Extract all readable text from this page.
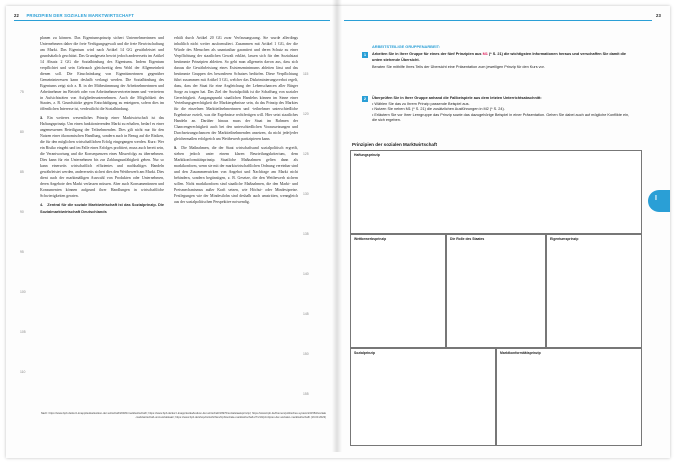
22 PRINZIPIEN DER SOZIALEN MARKTWIRTSCHAFT	23

planen zu können. Das Eigentumsprinzip sichert Unternehmerinnen und Unternehmern daher die freie Verfügungsgewalt und die freie Bewirtschaftung am Markt. Das Eigentum wird nach Artikel 14 GG gewährleistet und grundsätzlich geschützt. Das Grundgesetz bewirt jedoch andererseits im Artikel 14 Absatz 2 GG die Sozialbindung des Eigentums. Indem Eigentum verpflichtet und sein Gebrauch gleichzeitig dem Wohl der Allgemeinheit dienen soll. Die Einschränkung von Eigentümerinnen gegenüber Gemeininteressen kann deshalb verlangt werden. Die Sozialbindung des Eigentums zeigt sich z. B. in der Mitbestimmung der Arbeitnehmerinnen und Arbeitnehmer im Betrieb oder von Arbeitnehmervertreterinnen und -vertretern in Aufsichtsräten von Aufgliederunternehmen. Auch die Möglichkeit des Staates, z. B. Grundstücke gegen Entschädigung zu enteignen, sofern dies im öffentlichen Interesse ist, verdeutlicht die Sozialbindung.

3. Ein weiteres wesentliches Prinzip einer Marktwirtschaft ist das Haftungsprinzip. Um einen funktionierenden Markt zu erhalten, bedarf es einer angemessenen Beteiligung der Teilnehmenden. Dies gilt nicht nur für den Nutzen einer ökonomischen Handlung, sondern auch in Bezug auf die Risiken, die für den möglichen wirtschaftlichen Erfolg eingegangen werden. Kurz: Wer ein Risiko eingeht und im Falle eines Erfolges profitiert, muss auch bereit sein, die Verantwortung und die Konsequenzen eines Misserfolgs zu übernehmen. Dies kann für ein Unternehmen bis zur Zahlungsunfähigkeit gehen. Nur so kann einerseits wirtschaftlich effizientes und nachhaltiges Handeln gewährleistet werden, andererseits sichert dies den Wettbewerb am Markt. Dies dient auch der marktmäßigen Auswahl von Produkten oder Unternehmen, deren Angebote den Markt verlassen müssen. Aber auch Konsumentinnen und Konsumenten können aufgrund ihrer Handlungen in wirtschaftliche Schwierigkeiten geraten.

4. Zentral für die soziale Marktwirtschaft ist das Sozialprinzip. Die Sozialmarktwirtschaft Deutschlands

erhält durch Artikel 20 GG zwar Verfassungsrang. Sie wurde allerdings inhaltlich nicht weiter ausformuliert. Zusammen mit Artikel 1 GG, der die Würde des Menschen als unantastbar garantiert und deren Schutz zu einer Verpflichtung der staatlichen Gewalt erklärt, lassen sich für den Sozialstaat bestimmte Prinzipien ableiten. So geht man allgemein davon aus, dass sich daraus die Gewährleistung eines Existenzminimums ableiten lässt und das bestimmte Gruppen des besonderen Schutzes bedürfen. Diese Verpflichtung führt zusammen mit Artikel 3 GG, welcher das Diskriminierungsverbot regelt, dazu, dass der Staat für eine Angleichung der Lebenschancen aller Bürger Sorge zu tragen hat. Das Ziel der Sozialpolitik ist die Schaffung von sozialer Gerechtigkeit. Ausgangspunkt staatlichen Handelns können im Sinne einer Verteilungsgerechtigkeit die Marktergebnisse sein, da das Prinzip des Marktes für die einzelnen Marktteilnehmerinnen und -teilnehmer unterschiedliche Ergebnisse erzielt, was die Ergebnisse rechtfertigen will. Hier setzt staatliches Handeln an. Darüber hinaus muss der Staat im Rahmen der Chancengerechtigkeit auch bei den unterschiedlichen Voraussetzungen und Durchsetzungschancen der Marktteilnehmenden ansetzen, da nicht jede/jeder gleichermaßen erfolgreich am Wettbewerb partizipieren kann.

5. Die Maßnahmen, die der Staat wirtschaftsund sozialpolitisch ergreift, stehen jedoch unter einem klaren Beurteilungskriterium, dem Marktkonformitätsprinzip. Staatliche Maßnahmen gelten dann als marktkonform, wenn sie mit der marktwirtschaftlichen Ordnung vereinbar sind und den Zusammenwirken von Angebot und Nachfrage am Markt nicht behindern, sondern begünstigen, z. B. Gesetze, die den Wettbewerb sichern sollen. Nicht marktkonform sind staatliche Maßnahmen, die den Markt- und Preismechanismus außer Kraft setzen, wie Höchst- oder Mindestpreise. Festlegungen wie der Mindestlohn sind deshalb auch umstritten, wenngleich aus der sozialpolitischen Perspektive notwendig.

75
80
85
90
95
100
105
110
115
120
125
130
135
140
145
150
155
Nach: https://www.bpb.de/kurz-knapp/lexika/lexikon-der-wirtschaft/20481/marktwirtschaft/; https://www.bpb.de/kurz-knapp/lexika/lexikon-der-wirtschaft/19970/sozialstaatsprinzip/; https://www.bpb.de/themen/politisches-system/241584/soziale-marktwirtschaft-und-sozialstaat/; https://www.bpb.de/shop/zeitschriften/izpb/soziale-marktwirtschaft-271/10/prinzipien-der-sozialen-marktwirtschaft/ (19.03.2023)
ARBEITSTEILIGE GRUPPENARBEIT:
1	Arbeiten Sie in Ihrer Gruppe für eines der fünf Prinzipien aus M1 (* S. 21) die wichtigsten Informationen heraus und verschaffen Sie damit die unten stehende Übersicht.
Beraten Sie mithilfe Ihres Teils der Übersicht eine Präsentation zum jeweiligen Prinzip für den Kurs vor.
2	Überprüfen Sie in Ihrer Gruppe anhand die Fallbeispiele aus dem letzten Unterrichtsabschnitt:
• Wählen Sie das zu Ihrem Prinzip passende Beispiel aus.
• Nutzen Sie neben M1 (* S. 21) die zusätzlichen Ausführungen in M2 (* S. 24).
• Erläutern Sie vor Ihrer Lerngruppe das Prinzip sowie das dazugehörige Beispiel in einer Präsentation. Gehen Sie dabei auch auf mögliche Konflikte ein, die sich ergeben.
Prinzipien der sozialen Marktwirtschaft
Haftungsprinzip
Wettbewerbsprinzip	Die Rolle des Staates	Eigentumsprinzip
Sozialprinzip	Marktkonformitätsprinzip
I
